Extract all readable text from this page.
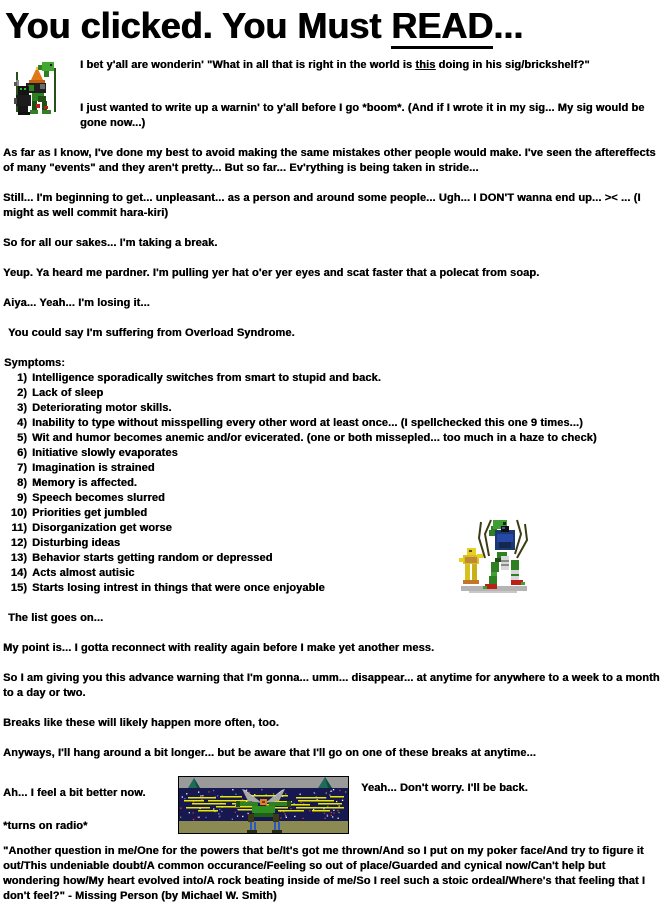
You clicked. You Must READ...

I bet y'all are wonderin' "What in all that is right in the world is this doing in his sig/brickshelf?"

I just wanted to write up a warnin' to y'all before I go *boom*. (And if I wrote it in my sig... My sig would be gone now...)

As far as I know, I've done my best to avoid making the same mistakes other people would make. I've seen the aftereffects of many "events" and they aren't pretty... But so far... Ev'rything is being taken in stride...

Still... I'm beginning to get... unpleasant... as a person and around some people... Ugh... I DON'T wanna end up... >< ... (I might as well commit hara-kiri)

So for all our sakes... I'm taking a break.

Yeup. Ya heard me pardner. I'm pulling yer hat o'er yer eyes and scat faster that a polecat from soap.

Aiya... Yeah... I'm losing it...

You could say I'm suffering from Overload Syndrome.

Symptoms:

1) Intelligence sporadically switches from smart to stupid and back.
2) Lack of sleep
3) Deteriorating motor skills.
4) Inability to type without misspelling every other word at least once... (I spellchecked this one 9 times...)
5) Wit and humor becomes anemic and/or evicerated. (one or both missepled... too much in a haze to check)
6) Initiative slowly evaporates
7) Imagination is strained
8) Memory is affected.
9) Speech becomes slurred
10) Priorities get jumbled
11) Disorganization get worse
12) Disturbing ideas
13) Behavior starts getting random or depressed
14) Acts almost autisic
15) Starts losing intrest in things that were once enjoyable

The list goes on...

My point is... I gotta reconnect with reality again before I make yet another mess.

So I am giving you this advance warning that I'm gonna... umm... disappear... at anytime for anywhere to a week to a month to a day or two.

Breaks like these will likely happen more often, too.

Anyways, I'll hang around a bit longer... but be aware that I'll go on one of these breaks at anytime...

Ah... I feel a bit better now.

*turns on radio*

Yeah... Don't worry. I'll be back.

"Another question in me/One for the powers that be/It's got me thrown/And so I put on my poker face/And try to figure it out/This undeniable doubt/A common occurance/Feeling so out of place/Guarded and cynical now/Can't help but wondering how/My heart evolved into/A rock beating inside of me/So I reel such a stoic ordeal/Where's that feeling that I don't feel?" - Missing Person (by Michael W. Smith)
